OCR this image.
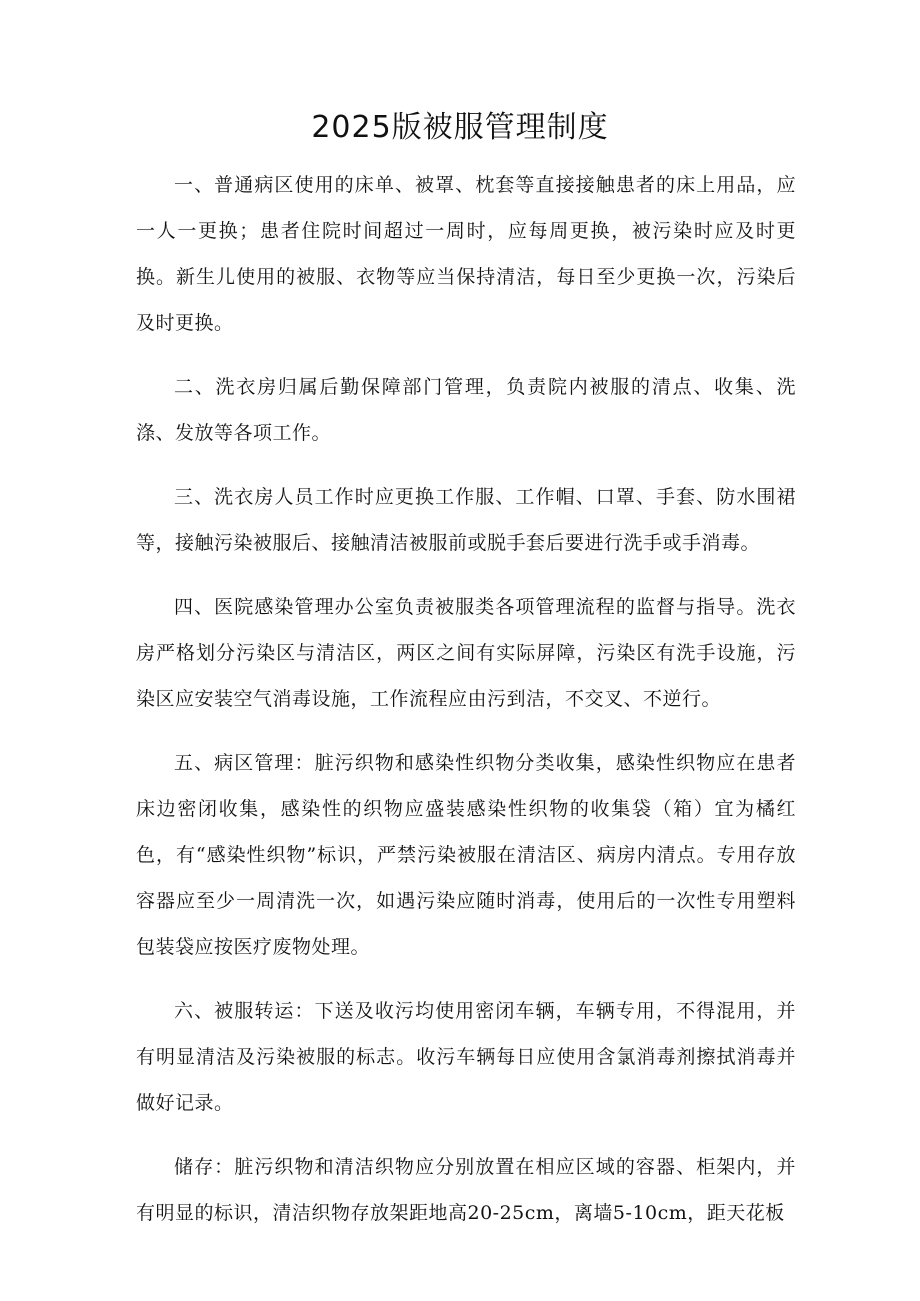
2025版被服管理制度

一、普通病区使用的床单、被罩、枕套等直接接触患者的床上用品，应一人一更换；患者住院时间超过一周时，应每周更换，被污染时应及时更换。新生儿使用的被服、衣物等应当保持清洁，每日至少更换一次，污染后及时更换。

二、洗衣房归属后勤保障部门管理，负责院内被服的清点、收集、洗涤、发放等各项工作。

三、洗衣房人员工作时应更换工作服、工作帽、口罩、手套、防水围裙等，接触污染被服后、接触清洁被服前或脱手套后要进行洗手或手消毒。

四、医院感染管理办公室负责被服类各项管理流程的监督与指导。洗衣房严格划分污染区与清洁区，两区之间有实际屏障，污染区有洗手设施，污染区应安装空气消毒设施，工作流程应由污到洁，不交叉、不逆行。

五、病区管理：脏污织物和感染性织物分类收集，感染性织物应在患者床边密闭收集，感染性的织物应盛装感染性织物的收集袋（箱）宜为橘红色，有“感染性织物”标识，严禁污染被服在清洁区、病房内清点。专用存放容器应至少一周清洗一次，如遇污染应随时消毒，使用后的一次性专用塑料包装袋应按医疗废物处理。

六、被服转运：下送及收污均使用密闭车辆，车辆专用，不得混用，并有明显清洁及污染被服的标志。收污车辆每日应使用含氯消毒剂擦拭消毒并做好记录。

储存：脏污织物和清洁织物应分别放置在相应区域的容器、柜架内，并有明显的标识，清洁织物存放架距地高20-25cm，离墙5-10cm，距天花板
